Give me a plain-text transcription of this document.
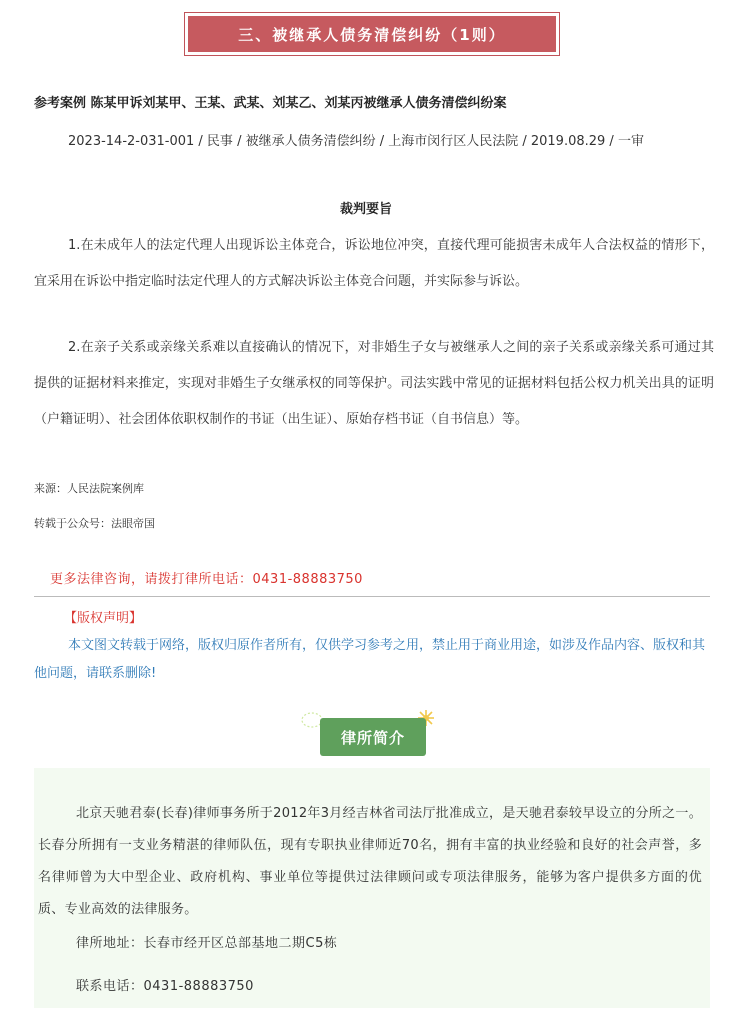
三、被继承人债务清偿纠纷（1则）
参考案例 陈某甲诉刘某甲、王某、武某、刘某乙、刘某丙被继承人债务清偿纠纷案
2023-14-2-031-001 / 民事 / 被继承人债务清偿纠纷 / 上海市闵行区人民法院 / 2019.08.29 / 一审
裁判要旨
1.在未成年人的法定代理人出现诉讼主体竞合，诉讼地位冲突，直接代理可能损害未成年人合法权益的情形下，宜采用在诉讼中指定临时法定代理人的方式解决诉讼主体竞合问题，并实际参与诉讼。
2.在亲子关系或亲缘关系难以直接确认的情况下，对非婚生子女与被继承人之间的亲子关系或亲缘关系可通过其提供的证据材料来推定，实现对非婚生子女继承权的同等保护。司法实践中常见的证据材料包括公权力机关出具的证明（户籍证明）、社会团体依职权制作的书证（出生证）、原始存档书证（自书信息）等。
来源：人民法院案例库
转载于公众号：法眼帝国
更多法律咨询，请拨打律所电话：0431-88883750
【版权声明】
本文图文转载于网络，版权归原作者所有，仅供学习参考之用，禁止用于商业用途，如涉及作品内容、版权和其他问题，请联系删除!
律所简介
北京天驰君泰(长春)律师事务所于2012年3月经吉林省司法厅批准成立，是天驰君泰较早设立的分所之一。长春分所拥有一支业务精湛的律师队伍，现有专职执业律师近70名，拥有丰富的执业经验和良好的社会声誉，多名律师曾为大中型企业、政府机构、事业单位等提供过法律顾问或专项法律服务，能够为客户提供多方面的优质、专业高效的法律服务。
律所地址：长春市经开区总部基地二期C5栋
联系电话：0431-88883750
